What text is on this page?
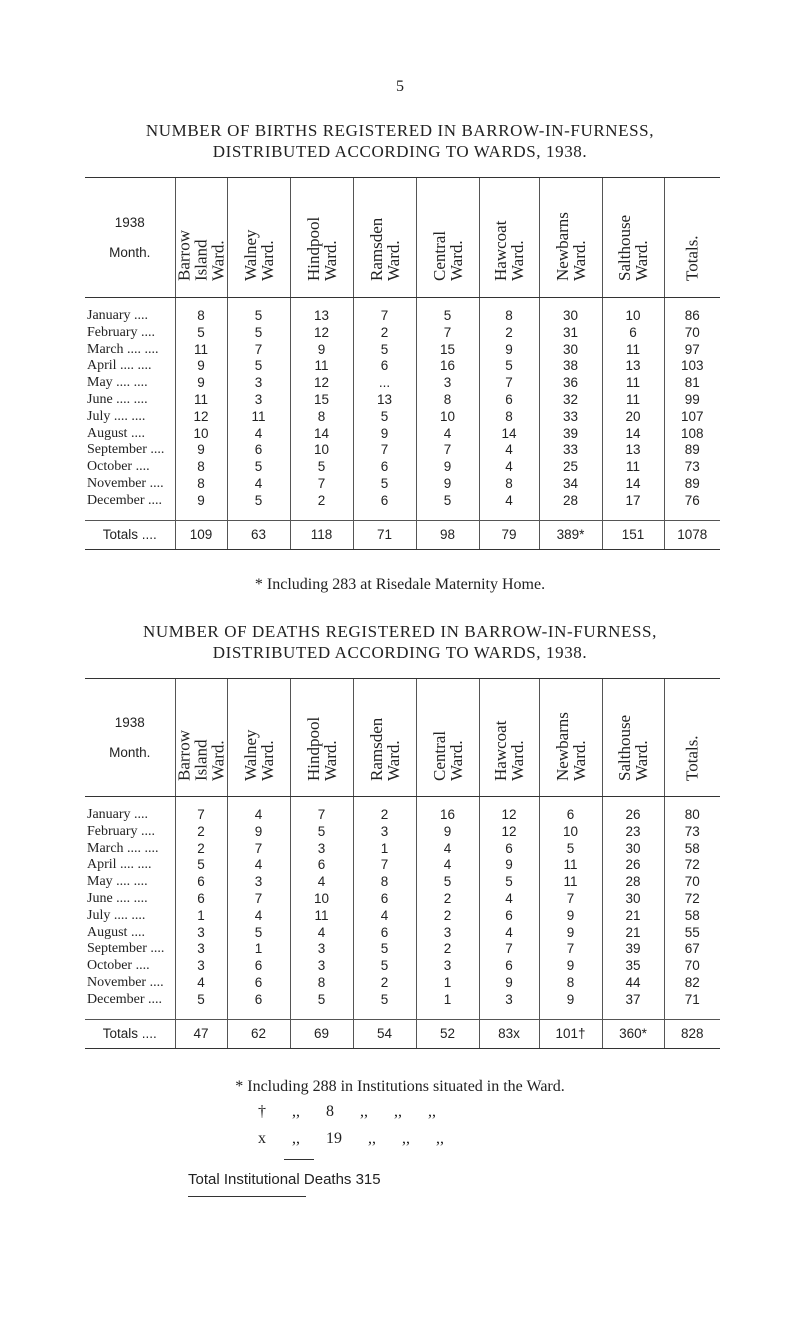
5
NUMBER OF BIRTHS REGISTERED IN BARROW-IN-FURNESS,
DISTRIBUTED ACCORDING TO WARDS, 1938.
1938
Month.	Barrow Island Ward.	Walney Ward.	Hindpool Ward.	Ramsden Ward.	Central Ward.	Hawcoat Ward.	Newbarns Ward.	Salthouse Ward.	Totals.

January ....	8	5	13	7	5	8	30	10	86
February ....	5	5	12	2	7	2	31	6	70
March .... ....	11	7	9	5	15	9	30	11	97
April .... ....	9	5	11	6	16	5	38	13	103
May .... ....	9	3	12	...	3	7	36	11	81
June .... ....	11	3	15	13	8	6	32	11	99
July .... ....	12	11	8	5	10	8	33	20	107
August ....	10	4	14	9	4	14	39	14	108
September ....	9	6	10	7	7	4	33	13	89
October ....	8	5	5	6	9	4	25	11	73
November ....	8	4	7	5	9	8	34	14	89
December ....	9	5	2	6	5	4	28	17	76

Totals ....	109	63	118	71	98	79	389*	151	1078
* Including 283 at Risedale Maternity Home.
NUMBER OF DEATHS REGISTERED IN BARROW-IN-FURNESS,
DISTRIBUTED ACCORDING TO WARDS, 1938.
1938
Month.	Barrow Island Ward.	Walney Ward.	Hindpool Ward.	Ramsden Ward.	Central Ward.	Hawcoat Ward.	Newbarns Ward.	Salthouse Ward.	Totals.

January ....	7	4	7	2	16	12	6	26	80
February ....	2	9	5	3	9	12	10	23	73
March .... ....	2	7	3	1	4	6	5	30	58
April .... ....	5	4	6	7	4	9	11	26	72
May .... ....	6	3	4	8	5	5	11	28	70
June .... ....	6	7	10	6	2	4	7	30	72
July .... ....	1	4	11	4	2	6	9	21	58
August ....	3	5	4	6	3	4	9	21	55
September ....	3	1	3	5	2	7	7	39	67
October ....	3	6	3	5	3	6	9	35	70
November ....	4	6	8	2	1	9	8	44	82
December ....	5	6	5	5	1	3	9	37	71

Totals ....	47	62	69	54	52	83x	101†	360*	828
* Including 288 in Institutions situated in the Ward.
† ,, 8 ,, ,, ,,
x ,, 19 ,, ,, ,,
Total Institutional Deaths 315
